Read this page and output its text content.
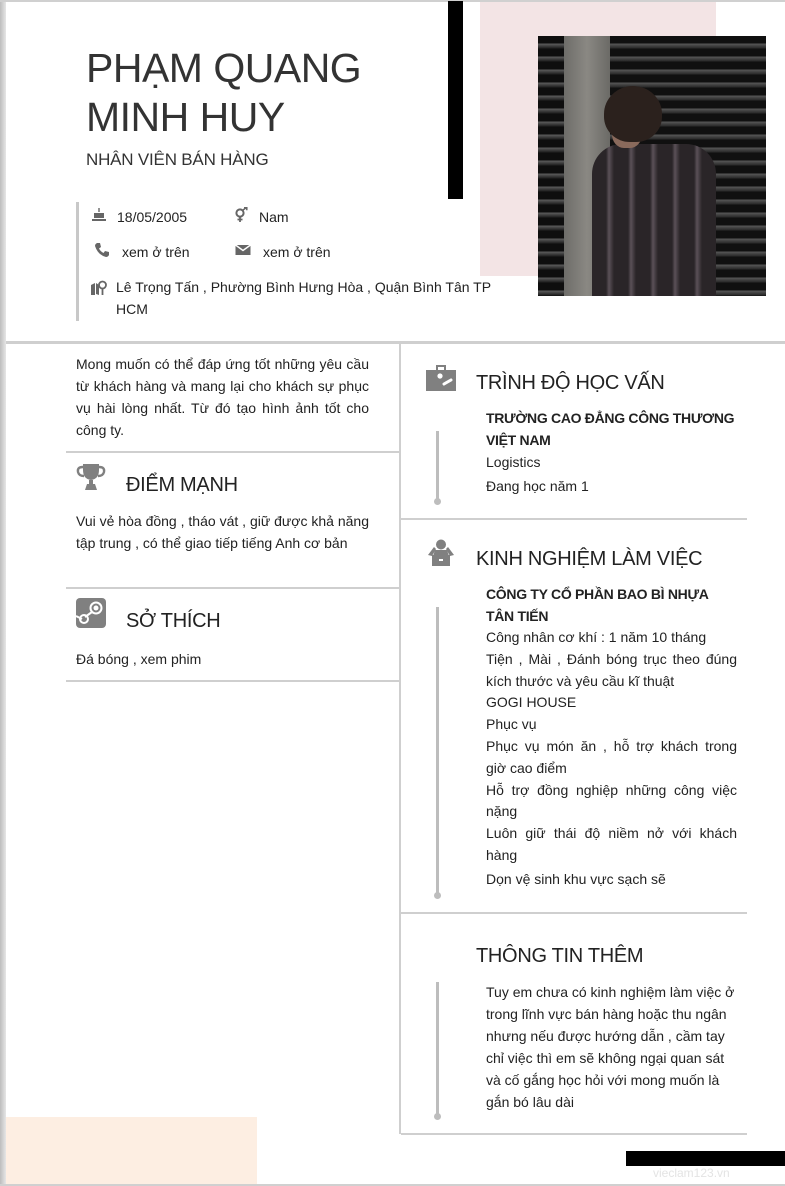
PHẠM QUANG
MINH HUY
NHÂN VIÊN BÁN HÀNG
18/05/2005	Nam
xem ở trên	xem ở trên
Lê Trọng Tấn , Phường Bình Hưng Hòa , Quận Bình Tân TP HCM
Mong muốn có thể đáp ứng tốt những yêu cầu từ khách hàng và mang lại cho khách sự phục vụ hài lòng nhất. Từ đó tạo hình ảnh tốt cho công ty.
ĐIỂM MẠNH
Vui vẻ hòa đồng , tháo vát , giữ được khả năng tập trung , có thể giao tiếp tiếng Anh cơ bản
SỞ THÍCH
Đá bóng , xem phim
TRÌNH ĐỘ HỌC VẤN
TRƯỜNG CAO ĐẲNG CÔNG THƯƠNG VIỆT NAM
Logistics
Đang học năm 1
KINH NGHIỆM LÀM VIỆC
CÔNG TY CỔ PHẦN BAO BÌ NHỰA TÂN TIẾN
Công nhân cơ khí : 1 năm 10 tháng
Tiện , Mài , Đánh bóng trục theo đúng kích thước và yêu cầu kĩ thuật
GOGI HOUSE
Phục vụ
Phục vụ món ăn , hỗ trợ khách trong giờ cao điểm
Hỗ trợ đồng nghiệp những công việc nặng
Luôn giữ thái độ niềm nở với khách hàng
Dọn vệ sinh khu vực sạch sẽ
THÔNG TIN THÊM
Tuy em chưa có kinh nghiệm làm việc ở trong lĩnh vực bán hàng hoặc thu ngân nhưng nếu được hướng dẫn , cầm tay chỉ việc thì em sẽ không ngại quan sát và cố gắng học hỏi với mong muốn là gắn bó lâu dài
vieclam123.vn
